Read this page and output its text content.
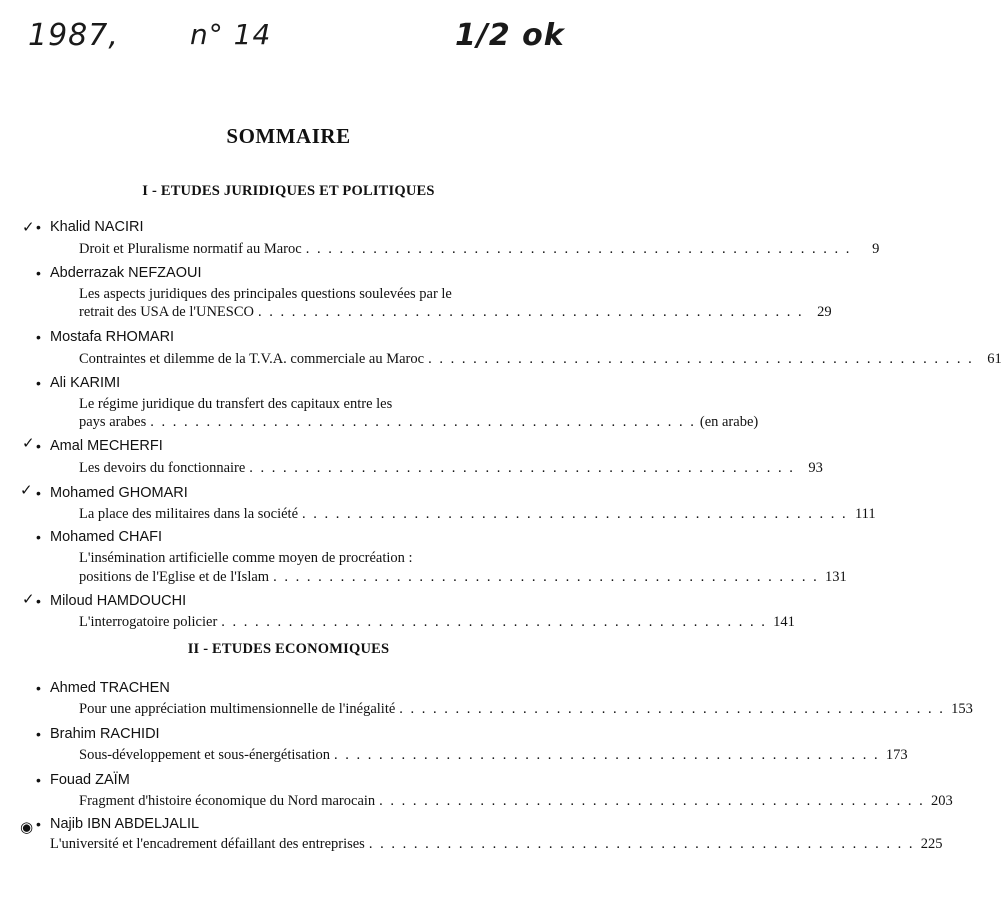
1987,	n° 14	1/2 ok
SOMMAIRE
I - ETUDES JURIDIQUES ET POLITIQUES
II - ETUDES ECONOMIQUES
✓
✓
✓
✓
◉
• Khalid NACIRI
Droit et Pluralisme normatif au Maroc . . . . . . . . . . . . . . . . . . . . . . . . . . . . . . . . . . . . . . . . . . . . . . . . .	9
• Abderrazak NEFZAOUI
Les aspects juridiques des principales questions soulevées par le
retrait des USA de l'UNESCO . . . . . . . . . . . . . . . . . . . . . . . . . . . . . . . . . . . . . . . . . . . . . . . . . 29
• Mostafa RHOMARI
Contraintes et dilemme de la T.V.A. commerciale au Maroc . . . . . . . . . . . . . . . . . . . . . . . . . . . . . . . . . . . . . . . . . . . . . . . . . 61
• Ali KARIMI
Le régime juridique du transfert des capitaux entre les
pays arabes . . . . . . . . . . . . . . . . . . . . . . . . . . . . . . . . . . . . . . . . . . . . . . . . . (en arabe)
• Amal MECHERFI
Les devoirs du fonctionnaire . . . . . . . . . . . . . . . . . . . . . . . . . . . . . . . . . . . . . . . . . . . . . . . . . 93
• Mohamed GHOMARI
La place des militaires dans la société . . . . . . . . . . . . . . . . . . . . . . . . . . . . . . . . . . . . . . . . . . . . . . . . . 111
• Mohamed CHAFI
L'insémination artificielle comme moyen de procréation :
positions de l'Eglise et de l'Islam . . . . . . . . . . . . . . . . . . . . . . . . . . . . . . . . . . . . . . . . . . . . . . . . . 131
• Miloud HAMDOUCHI
L'interrogatoire policier . . . . . . . . . . . . . . . . . . . . . . . . . . . . . . . . . . . . . . . . . . . . . . . . . 141
• Ahmed TRACHEN
Pour une appréciation multimensionnelle de l'inégalité . . . . . . . . . . . . . . . . . . . . . . . . . . . . . . . . . . . . . . . . . . . . . . . . . 153
• Brahim RACHIDI
Sous-développement et sous-énergétisation . . . . . . . . . . . . . . . . . . . . . . . . . . . . . . . . . . . . . . . . . . . . . . . . . 173
• Fouad ZAÏM
Fragment d'histoire économique du Nord marocain . . . . . . . . . . . . . . . . . . . . . . . . . . . . . . . . . . . . . . . . . . . . . . . . . 203
• Najib IBN ABDELJALIL
L'université et l'encadrement défaillant des entreprises . . . . . . . . . . . . . . . . . . . . . . . . . . . . . . . . . . . . . . . . . . . . . . . . . 225
